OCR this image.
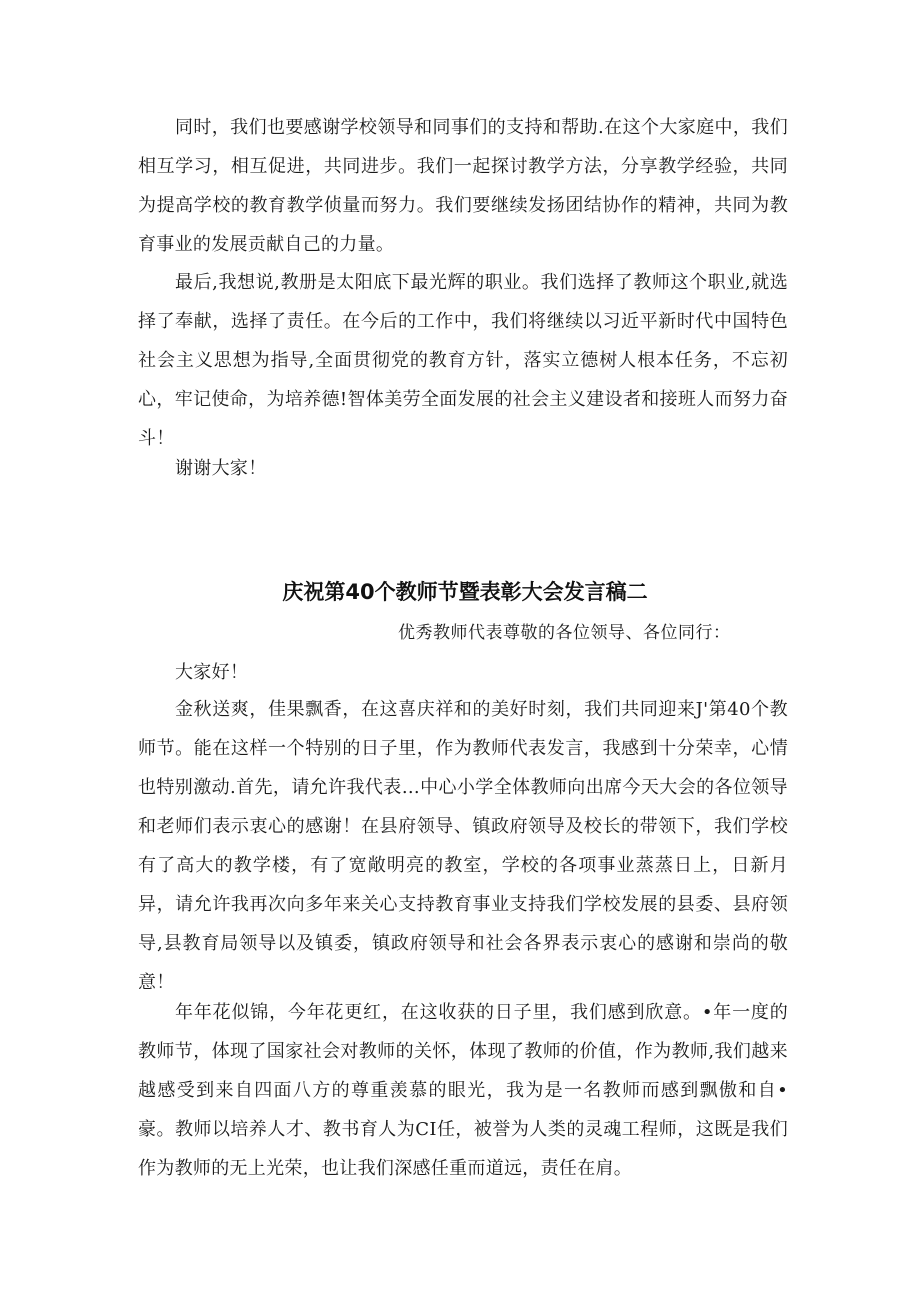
同时，我们也要感谢学校领导和同事们的支持和帮助.在这个大家庭中，我们相互学习，相互促进，共同进步。我们一起探讨教学方法，分享教学经验，共同为提高学校的教育教学侦量而努力。我们要继续发扬团结协作的精神，共同为教育事业的发展贡献自己的力量。

最后,我想说,教册是太阳底下最光辉的职业。我们选择了教师这个职业,就选择了奉献，选择了责任。在今后的工作中，我们将继续以习近平新时代中国特色社会主义思想为指导,全面贯彻党的教育方针，落实立德树人根本任务，不忘初心，牢记使命，为培养德!智体美劳全面发展的社会主义建设者和接班人而努力奋斗！

谢谢大家！

庆祝第40个教师节暨表彰大会发言稿二

优秀教师代表尊敬的各位领导、各位同行：

大家好！

金秋送爽，佳果飘香，在这喜庆祥和的美好时刻，我们共同迎来J'第40个教师节。能在这样一个特别的日子里，作为教师代表发言，我感到十分荣幸，心情也特别激动.首先，请允许我代表…中心小学全体教师向出席今天大会的各位领导和老师们表示衷心的感谢！在县府领导、镇政府领导及校长的带领下，我们学校有了高大的教学楼，有了宽敞明亮的教室，学校的各项事业蒸蒸日上，日新月异，请允许我再次向多年来关心支持教育事业支持我们学校发展的县委、县府领导,县教育局领导以及镇委，镇政府领导和社会各界表示衷心的感谢和崇尚的敬意！

年年花似锦，今年花更红，在这收获的日子里，我们感到欣意。•年一度的教师节，体现了国家社会对教师的关怀，体现了教师的价值，作为教师,我们越来越感受到来自四面八方的尊重羡慕的眼光，我为是一名教师而感到飘傲和自•豪。教师以培养人才、教书育人为CI任，被誉为人类的灵魂工程师，这既是我们作为教师的无上光荣，也让我们深感任重而道远，责任在肩。
